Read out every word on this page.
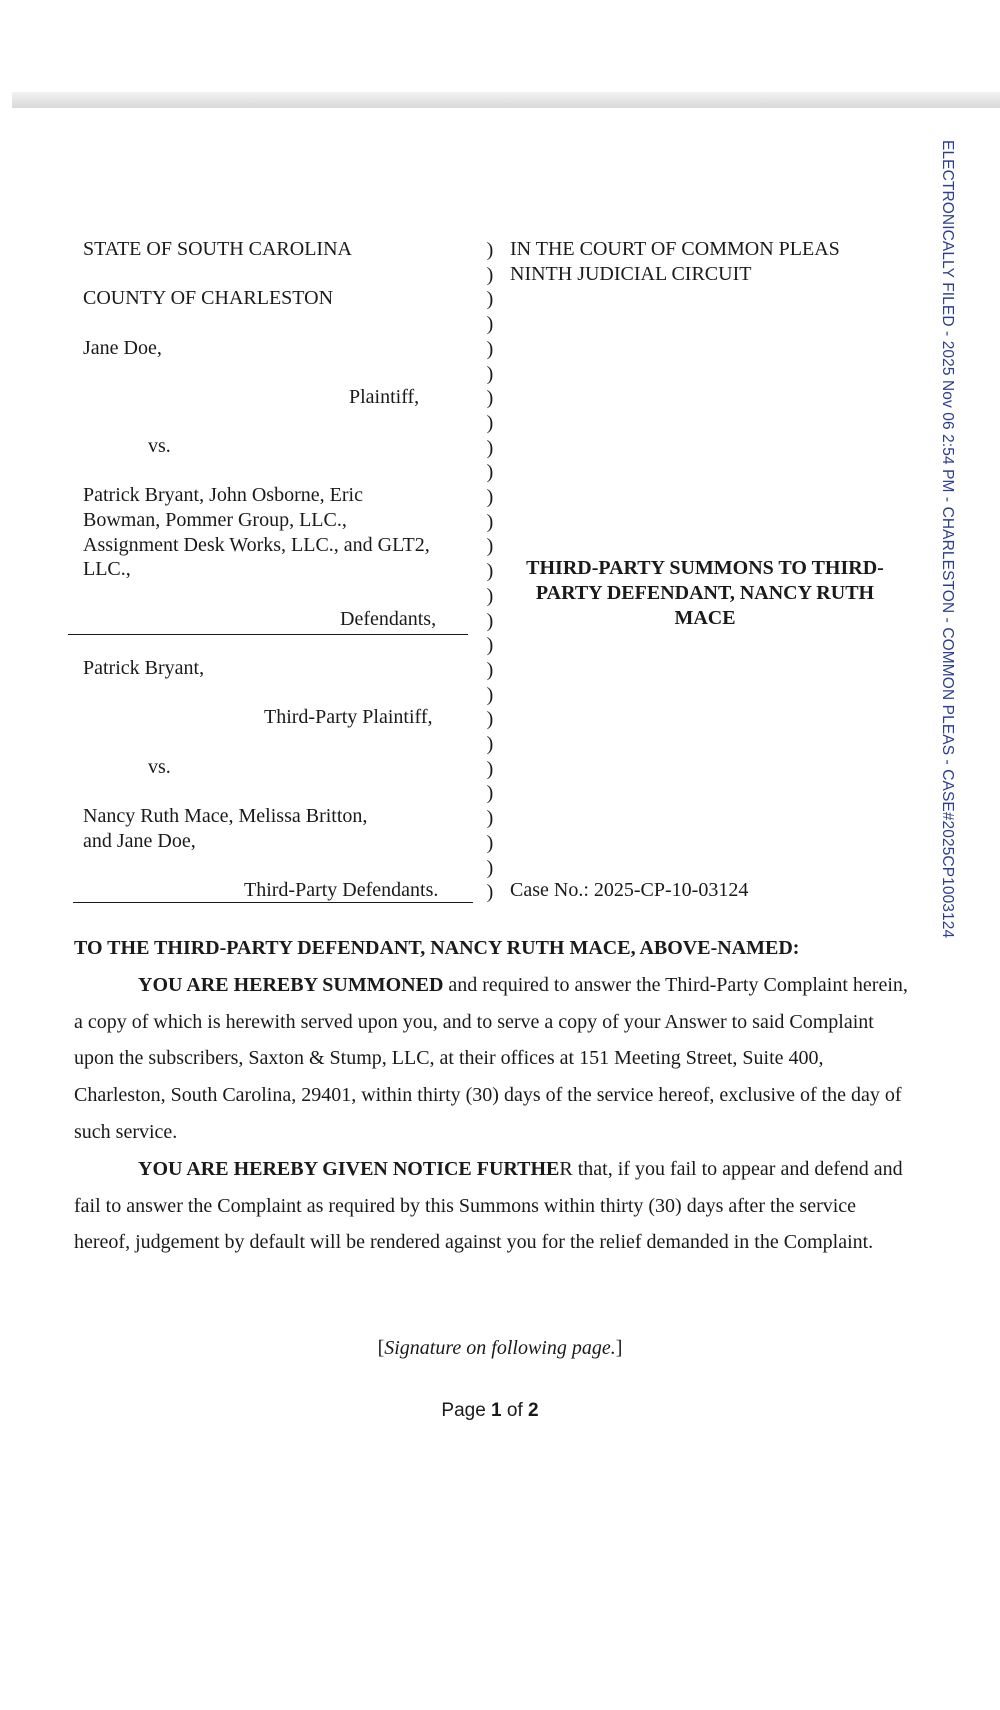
ELECTRONICALLY FILED - 2025 Nov 06 2:54 PM - CHARLESTON - COMMON PLEAS - CASE#2025CP1003124
STATE OF SOUTH CAROLINA
COUNTY OF CHARLESTON
Jane Doe,
Plaintiff,
vs.
Patrick Bryant, John Osborne, Eric
Bowman, Pommer Group, LLC.,
Assignment Desk Works, LLC., and GLT2,
LLC.,
Defendants,
Patrick Bryant,
Third-Party Plaintiff,
vs.
Nancy Ruth Mace, Melissa Britton,
and Jane Doe,
Third-Party Defendants.
)
)
)
)
)
)
)
)
)
)
)
)
)
)
)
)
)
)
)
)
)
)
)
)
)
)
)
IN THE COURT OF COMMON PLEAS
NINTH JUDICIAL CIRCUIT
THIRD-PARTY SUMMONS TO THIRD-PARTY DEFENDANT, NANCY RUTH MACE
Case No.: 2025-CP-10-03124

TO THE THIRD-PARTY DEFENDANT, NANCY RUTH MACE, ABOVE-NAMED:

YOU ARE HEREBY SUMMONED and required to answer the Third-Party Complaint herein, a copy of which is herewith served upon you, and to serve a copy of your Answer to said Complaint upon the subscribers, Saxton & Stump, LLC, at their offices at 151 Meeting Street, Suite 400, Charleston, South Carolina, 29401, within thirty (30) days of the service hereof, exclusive of the day of such service.

YOU ARE HEREBY GIVEN NOTICE FURTHER that, if you fail to appear and defend and fail to answer the Complaint as required by this Summons within thirty (30) days after the service hereof, judgement by default will be rendered against you for the relief demanded in the Complaint.

[Signature on following page.]
Page 1 of 2
